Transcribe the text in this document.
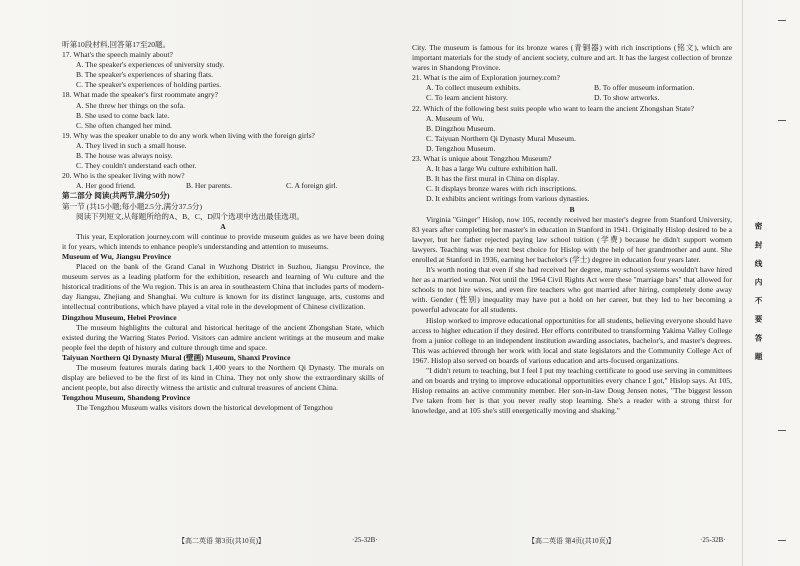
听第10段材料,回答第17至20题。
17. What's the speech mainly about?
A. The speaker's experiences of university study.
B. The speaker's experiences of sharing flats.
C. The speaker's experiences of holding parties.
18. What made the speaker's first roommate angry?
A. She threw her things on the sofa.
B. She used to come back late.
C. She often changed her mind.
19. Why was the speaker unable to do any work when living with the foreign girls?
A. They lived in such a small house.
B. The house was always noisy.
C. They couldn't understand each other.
20. Who is the speaker living with now?
A. Her good friend.	B. Her parents.	C. A foreign girl.
第二部分 阅读(共两节,满分50分)
第一节 (共15小题;每小题2.5分,满分37.5分)
阅读下列短文,从每题所给的A、B、C、D四个选项中选出最佳选项。
A
This year, Exploration journey.com will continue to provide museum guides as we have been doing it for years, which intends to enhance people's understanding and attention to museums.
Museum of Wu, Jiangsu Province
Placed on the bank of the Grand Canal in Wuzhong District in Suzhou, Jiangsu Province, the museum serves as a leading platform for the exhibition, research and learning of Wu culture and the historical traditions of the Wu region. This is an area in southeastern China that includes parts of modern-day Jiangsu, Zhejiang and Shanghai. Wu culture is known for its distinct language, arts, customs and intellectual contributions, which have played a vital role in the development of Chinese civilization.
Dingzhou Museum, Hebei Province
The museum highlights the cultural and historical heritage of the ancient Zhongshan State, which existed during the Warring States Period. Visitors can admire ancient writings at the museum and make people feel the depth of history and culture through time and space.
Taiyuan Northern Qi Dynasty Mural (壁画) Museum, Shanxi Province
The museum features murals dating back 1,400 years to the Northern Qi Dynasty. The murals on display are believed to be the first of its kind in China. They not only show the extraordinary skills of ancient people, but also directly witness the artistic and cultural treasures of ancient China.
Tengzhou Museum, Shandong Province
The Tengzhou Museum walks visitors down the historical development of Tengzhou
【高二英语 第3页(共10页)】	·25-32B·
City. The museum is famous for its bronze wares (青铜器) with rich inscriptions (铭文), which are important materials for the study of ancient society, culture and art. It has the largest collection of bronze wares in Shandong Province.
21. What is the aim of Exploration journey.com?
A. To collect museum exhibits.	B. To offer museum information.
C. To learn ancient history.	D. To show artworks.
22. Which of the following best suits people who want to learn the ancient Zhongshan State?
A. Museum of Wu.
B. Dingzhou Museum.
C. Taiyuan Northern Qi Dynasty Mural Museum.
D. Tengzhou Museum.
23. What is unique about Tengzhou Museum?
A. It has a large Wu culture exhibition hall.
B. It has the first mural in China on display.
C. It displays bronze wares with rich inscriptions.
D. It exhibits ancient writings from various dynasties.
B
Virginia "Ginger" Hislop, now 105, recently received her master's degree from Stanford University, 83 years after completing her master's in education in Stanford in 1941. Originally Hislop desired to be a lawyer, but her father rejected paying law school tuition (学费) because he didn't support women lawyers. Teaching was the next best choice for Hislop with the help of her grandmother and aunt. She enrolled at Stanford in 1936, earning her bachelor's (学士) degree in education four years later.
It's worth noting that even if she had received her degree, many school systems wouldn't have hired her as a married woman. Not until the 1964 Civil Rights Act were these "marriage bars" that allowed for schools to not hire wives, and even fire teachers who got married after hiring, completely done away with. Gender (性别) inequality may have put a hold on her career, but they led to her becoming a powerful advocate for all students.
Hislop worked to improve educational opportunities for all students, believing everyone should have access to higher education if they desired. Her efforts contributed to transforming Yakima Valley College from a junior college to an independent institution awarding associates, bachelor's, and master's degrees. This was achieved through her work with local and state legislators and the Community College Act of 1967. Hislop also served on boards of various education and arts-focused organizations.
"I didn't return to teaching, but I feel I put my teaching certificate to good use serving in committees and on boards and trying to improve educational opportunities every chance I got," Hislop says. At 105, Hislop remains an active community member. Her son-in-law Doug Jensen notes, "The biggest lesson I've taken from her is that you never really stop learning. She's a reader with a strong thirst for knowledge, and at 105 she's still energetically moving and shaking."
【高二英语 第4页(共10页)】	·25-32B·
密封线内不要答题
